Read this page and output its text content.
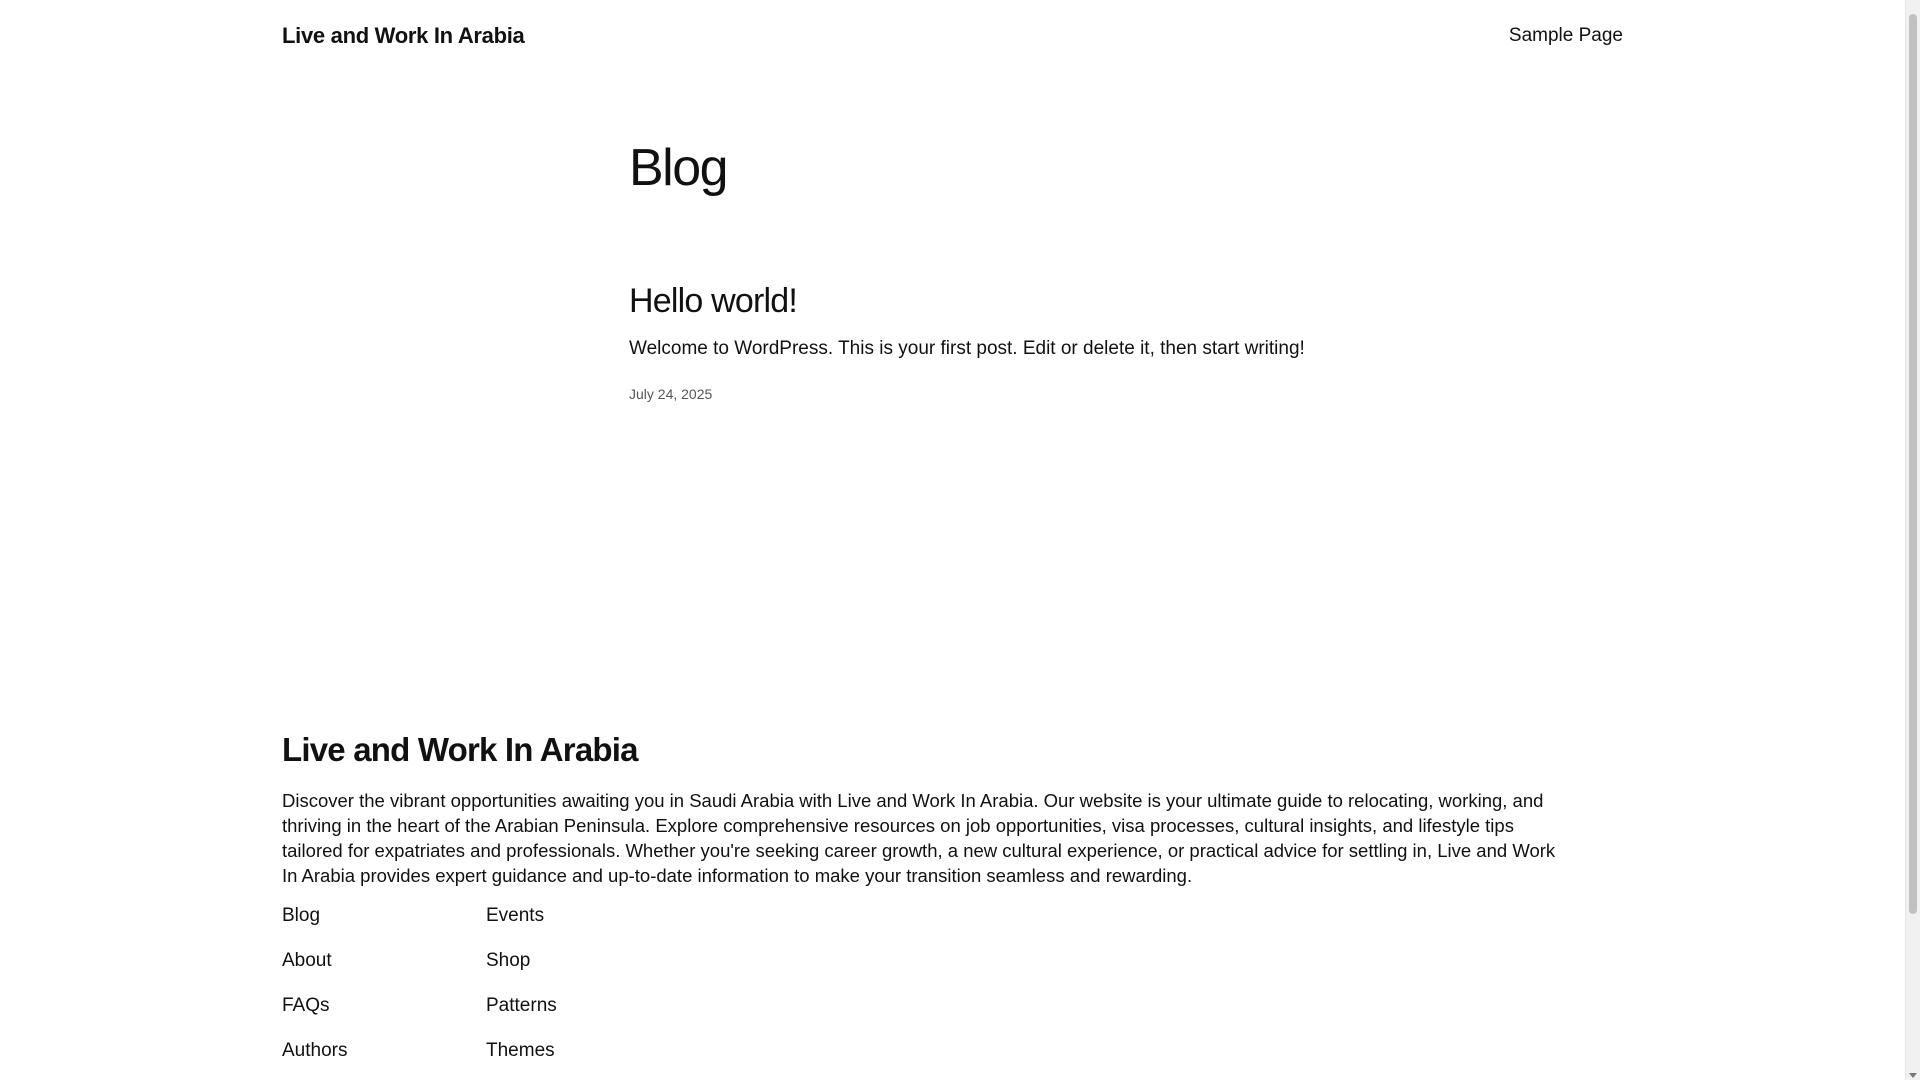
Live and Work In Arabia	Sample Page
Blog
Hello world!

Welcome to WordPress. This is your first post. Edit or delete it, then start writing!

July 24, 2025
Live and Work In Arabia

Discover the vibrant opportunities awaiting you in Saudi Arabia with Live and Work In Arabia. Our website is your ultimate guide to relocating, working, and thriving in the heart of the Arabian Peninsula. Explore comprehensive resources on job opportunities, visa processes, cultural insights, and lifestyle tips tailored for expatriates and professionals. Whether you're seeking career growth, a new cultural experience, or practical advice for settling in, Live and Work In Arabia provides expert guidance and up-to-date information to make your transition seamless and rewarding.

Blog	Events
About	Shop
FAQs	Patterns
Authors	Themes
